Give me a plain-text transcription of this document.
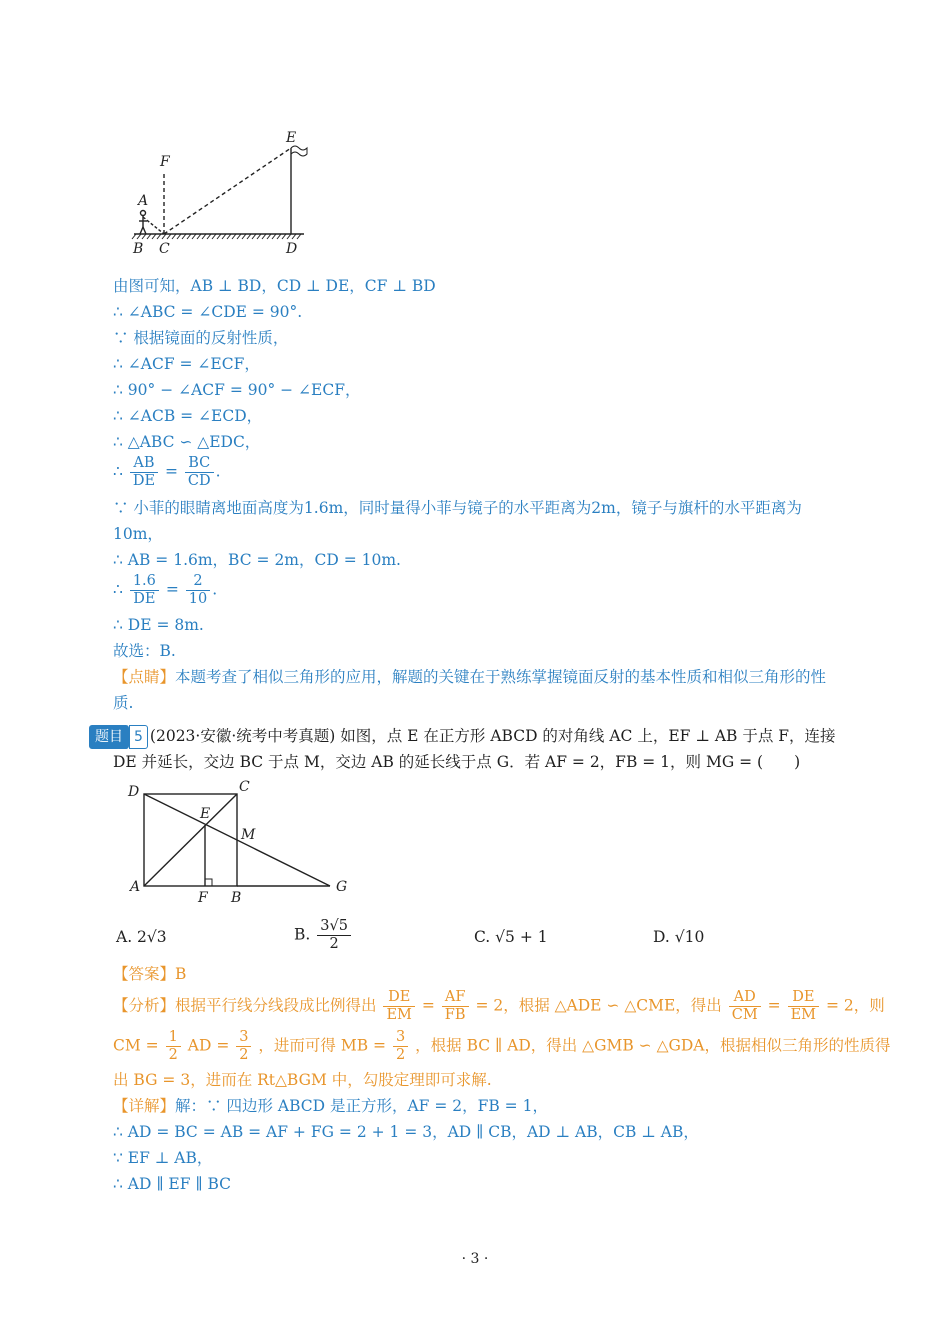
E
F
A
B C	D
由图可知，AB ⊥ BD，CD ⊥ DE，CF ⊥ BD
∴ ∠ABC = ∠CDE = 90°.
∵ 根据镜面的反射性质，
∴ ∠ACF = ∠ECF，
∴ 90° − ∠ACF = 90° − ∠ECF，
∴ ∠ACB = ∠ECD，
∴ △ABC ∽ △EDC，
∴ $\frac{AB}{DE} = \frac{BC}{CD}$ .
∵ 小菲的眼睛离地面高度为1.6m，同时量得小菲与镜子的水平距离为2m，镜子与旗杆的水平距离为
10m，
∴ AB = 1.6m，BC = 2m，CD = 10m.
∴ $\frac{1.6}{DE} = \frac{2}{10}$ .
∴ DE = 8m.
故选：B.
【点睛】本题考查了相似三角形的应用，解题的关键在于熟练掌握镜面反射的基本性质和相似三角形的性
质.
题目 5 (2023·安徽·统考中考真题) 如图，点 E 在正方形 ABCD 的对角线 AC 上，EF ⊥ AB 于点 F，连接
DE 并延长，交边 BC 于点 M，交边 AB 的延长线于点 G．若 AF = 2，FB = 1，则 MG = (　　)
D	C
E
M
A
F B
G
A. 2√3	B. $\frac{3√5}{2}$	C. √5 + 1	D. √10
【答案】B
【分析】根据平行线分线段成比例得出 $\frac{DE}{EM} = \frac{AF}{FB} = 2$，根据 △ADE ∽ △CME，得出 $\frac{AD}{CM} = \frac{DE}{EM} = 2$，则
CM = $\frac{1}{2}$ AD = $\frac{3}{2}$ ，进而可得 MB = $\frac{3}{2}$ ，根据 BC ∥ AD，得出 △GMB ∽ △GDA，根据相似三角形的性质得
出 BG = 3，进而在 Rt△BGM 中，勾股定理即可求解.
【详解】解：∵ 四边形 ABCD 是正方形，AF = 2，FB = 1，
∴ AD = BC = AB = AF + FG = 2 + 1 = 3，AD ∥ CB，AD ⊥ AB，CB ⊥ AB，
∵ EF ⊥ AB，
∴ AD ∥ EF ∥ BC
· 3 ·
